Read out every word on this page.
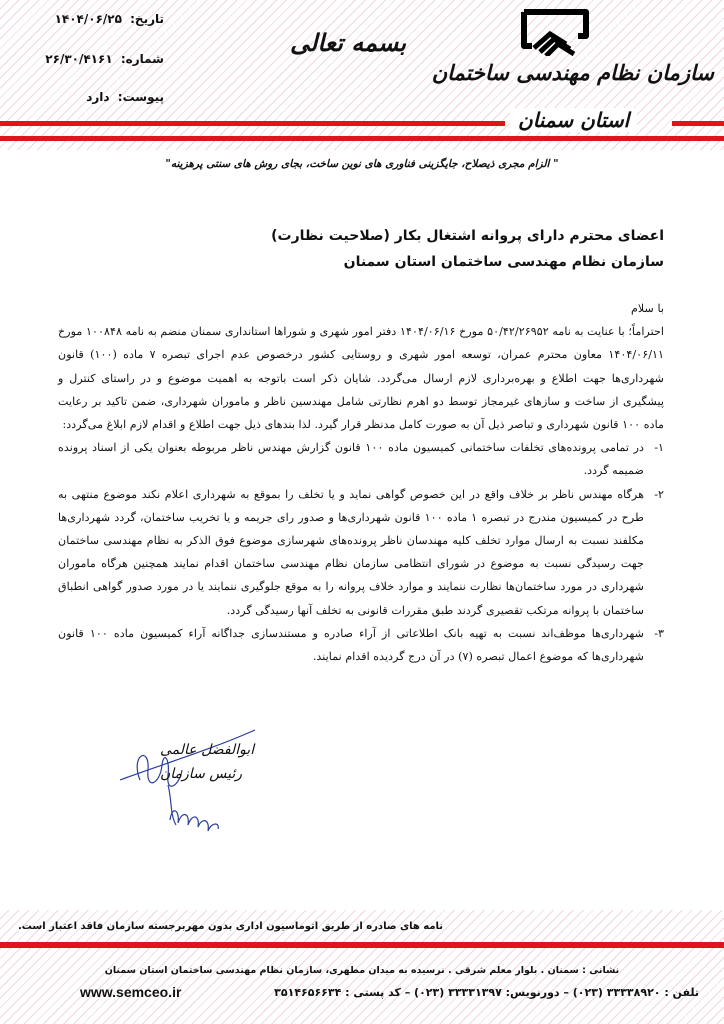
تاریخ: ۱۴۰۴/۰۶/۲۵
شماره: ۲۶/۳۰/۴۱۶۱
پیوست: دارد
بسمه تعالی
سازمان نظام مهندسی ساختمان
استان سمنان
" الزام مجری ذیصلاح، جایگزینی فناوری های نوین ساخت، بجای روش های سنتی پرهزینه"
اعضای محترم دارای پروانه اشتغال بکار (صلاحیت نظارت)
سازمان نظام مهندسی ساختمان استان سمنان

با سلام

احتراماً؛ با عنایت به نامه ۵۰/۴۲/۲۶۹۵۲ مورخ ۱۴۰۴/۰۶/۱۶ دفتر امور شهری و شوراها استانداری سمنان منضم به نامه ۱۰۰۸۴۸ مورخ ۱۴۰۴/۰۶/۱۱ معاون محترم عمران، توسعه امور شهری و روستایی کشور درخصوص عدم اجرای تبصره ۷ ماده (۱۰۰) قانون شهرداری‌ها جهت اطلاع و بهره‌برداری لازم ارسال می‌گردد. شایان ذکر است باتوجه به اهمیت موضوع و در راستای کنترل و پیشگیری از ساخت و سازهای غیرمجاز توسط دو اهرم نظارتی شامل مهندسین ناظر و ماموران شهرداری، ضمن تاکید بر رعایت ماده ۱۰۰ قانون شهرداری و تباصر ذیل آن به صورت کامل مدنظر قرار گیرد. لذا بندهای ذیل جهت اطلاع و اقدام لازم ابلاغ می‌گردد:

۱-
در تمامی پرونده‌های تخلفات ساختمانی کمیسیون ماده ۱۰۰ قانون گزارش مهندس ناظر مربوطه بعنوان یکی از اسناد پرونده ضمیمه گردد.
۲-
هرگاه مهندس ناظر بر خلاف واقع در این خصوص گواهی نماید و یا تخلف را بموقع به شهرداری اعلام نکند موضوع منتهی به طرح در کمیسیون مندرج در تبصره ۱ ماده ۱۰۰ قانون شهرداری‌ها و صدور رای جریمه و یا تخریب ساختمان، گردد شهرداری‌ها مکلفند نسبت به ارسال موارد تخلف کلیه مهندسان ناظر پرونده‌های شهرسازی موضوع فوق الذکر به نظام مهندسی ساختمان جهت رسیدگی نسبت به موضوع در شورای انتظامی سازمان نظام مهندسی ساختمان اقدام نمایند همچنین هرگاه ماموران شهرداری در مورد ساختمان‌ها نظارت ننمایند و موارد خلاف پروانه را به موقع جلوگیری ننمایند یا در مورد صدور گواهی انطباق ساختمان با پروانه مرتکب تقصیری گردند طبق مقررات قانونی به تخلف آنها رسیدگی گردد.
۳-
شهرداری‌ها موظف‌اند نسبت به تهیه بانک اطلاعاتی از آراء صادره و مستندسازی جداگانه آراء کمیسیون ماده ۱۰۰ قانون شهرداری‌ها که موضوع اعمال تبصره (۷) در آن درج گردیده اقدام نمایند.
ابوالفضل عالمی
رئیس سازمان
نامه های صادره از طریق اتوماسیون اداری بدون مهربرجسته سازمان فاقد اعتبار است.
نشانی : سمنان . بلوار معلم شرقی . نرسیده به میدان مطهری، سازمان نظام مهندسی ساختمان استان سمنان
www.semceo.ir	تلفن : ۳۳۳۳۸۹۲۰ (۰۲۳) – دورنویس: ۳۳۳۳۱۳۹۷ (۰۲۳) – کد پستی : ۳۵۱۴۶۵۶۶۳۴
